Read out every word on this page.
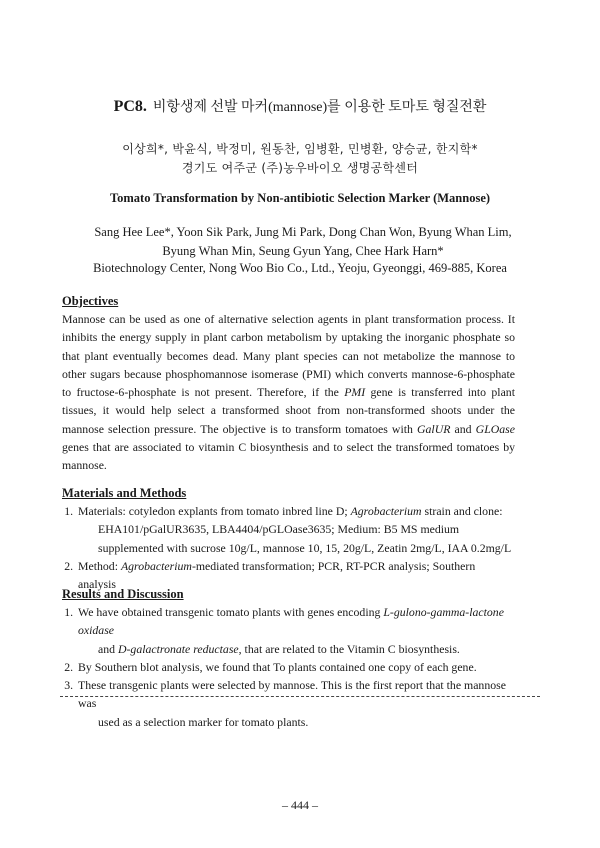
PC8. 비항생제 선발 마커(mannose)를 이용한 토마토 형질전환
이상희*, 박윤식, 박정미, 원동찬, 임병환, 민병환, 양승균, 한지학*
경기도 여주군 (주)농우바이오 생명공학센터
Tomato Transformation by Non-antibiotic Selection Marker (Mannose)
Sang Hee Lee*, Yoon Sik Park, Jung Mi Park, Dong Chan Won, Byung Whan Lim, Byung Whan Min, Seung Gyun Yang, Chee Hark Harn*
Biotechnology Center, Nong Woo Bio Co., Ltd., Yeoju, Gyeonggi, 469-885, Korea
Objectives
Mannose can be used as one of alternative selection agents in plant transformation process. It inhibits the energy supply in plant carbon metabolism by uptaking the inorganic phosphate so that plant eventually becomes dead. Many plant species can not metabolize the mannose to other sugars because phosphomannose isomerase (PMI) which converts mannose-6-phosphate to fructose-6-phosphate is not present. Therefore, if the PMI gene is transferred into plant tissues, it would help select a transformed shoot from non-transformed shoots under the mannose selection pressure. The objective is to transform tomatoes with GalUR and GLOase genes that are associated to vitamin C biosynthesis and to select the transformed tomatoes by mannose.
Materials and Methods
1. Materials: cotyledon explants from tomato inbred line D; Agrobacterium strain and clone:
EHA101/pGalUR3635, LBA4404/pGLOase3635; Medium: B5 MS medium supplemented with sucrose 10g/L, mannose 10, 15, 20g/L, Zeatin 2mg/L, IAA 0.2mg/L
2. Method: Agrobacterium-mediated transformation; PCR, RT-PCR analysis; Southern analysis
Results and Discussion
1. We have obtained transgenic tomato plants with genes encoding L-gulono-gamma-lactone oxidase
and D-galactronate reductase, that are related to the Vitamin C biosynthesis.
2. By Southern blot analysis, we found that To plants contained one copy of each gene.
3. These transgenic plants were selected by mannose. This is the first report that the mannose was
used as a selection marker for tomato plants.
– 444 –
